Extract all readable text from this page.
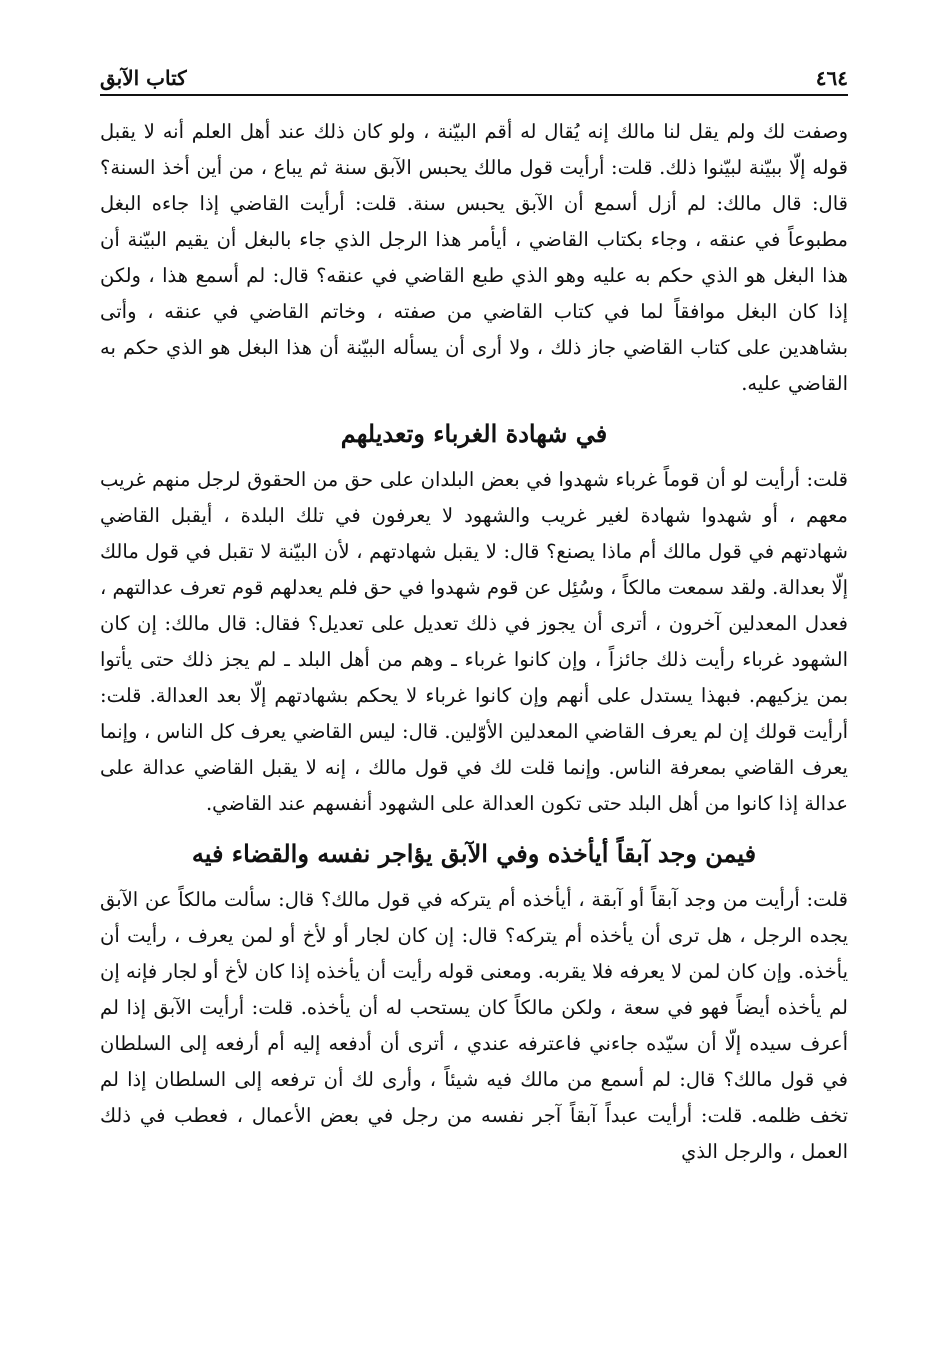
٤٦٤
كتاب الآبق

وصفت لك ولم يقل لنا مالك إنه يُقال له أقم البيّنة ، ولو كان ذلك عند أهل العلم أنه لا يقبل قوله إلّا ببيّنة لبيّنوا ذلك. قلت: أرأيت قول مالك يحبس الآبق سنة ثم يباع ، من أين أخذ السنة؟ قال: قال مالك: لم أزل أسمع أن الآبق يحبس سنة. قلت: أرأيت القاضي إذا جاءه البغل مطبوعاً في عنقه ، وجاء بكتاب القاضي ، أيأمر هذا الرجل الذي جاء بالبغل أن يقيم البيّنة أن هذا البغل هو الذي حكم به عليه وهو الذي طبع القاضي في عنقه؟ قال: لم أسمع هذا ، ولكن إذا كان البغل موافقاً لما في كتاب القاضي من صفته ، وخاتم القاضي في عنقه ، وأتى بشاهدين على كتاب القاضي جاز ذلك ، ولا أرى أن يسأله البيّنة أن هذا البغل هو الذي حكم به القاضي عليه.

في شهادة الغرباء وتعديلهم

قلت: أرأيت لو أن قوماً غرباء شهدوا في بعض البلدان على حق من الحقوق لرجل منهم غريب معهم ، أو شهدوا شهادة لغير غريب والشهود لا يعرفون في تلك البلدة ، أيقبل القاضي شهادتهم في قول مالك أم ماذا يصنع؟ قال: لا يقبل شهادتهم ، لأن البيّنة لا تقبل في قول مالك إلّا بعدالة. ولقد سمعت مالكاً ، وسُئِل عن قوم شهدوا في حق فلم يعدلهم قوم تعرف عدالتهم ، فعدل المعدلين آخرون ، أترى أن يجوز في ذلك تعديل على تعديل؟ فقال: قال مالك: إن كان الشهود غرباء رأيت ذلك جائزاً ، وإن كانوا غرباء ـ وهم من أهل البلد ـ لم يجز ذلك حتى يأتوا بمن يزكيهم. فبهذا يستدل على أنهم وإن كانوا غرباء لا يحكم بشهادتهم إلّا بعد العدالة. قلت: أرأيت قولك إن لم يعرف القاضي المعدلين الأوّلين. قال: ليس القاضي يعرف كل الناس ، وإنما يعرف القاضي بمعرفة الناس. وإنما قلت لك في قول مالك ، إنه لا يقبل القاضي عدالة على عدالة إذا كانوا من أهل البلد حتى تكون العدالة على الشهود أنفسهم عند القاضي.

فيمن وجد آبقاً أيأخذه وفي الآبق يؤاجر نفسه والقضاء فيه

قلت: أرأيت من وجد آبقاً أو آبقة ، أيأخذه أم يتركه في قول مالك؟ قال: سألت مالكاً عن الآبق يجده الرجل ، هل ترى أن يأخذه أم يتركه؟ قال: إن كان لجار أو لأخ أو لمن يعرف ، رأيت أن يأخذه. وإن كان لمن لا يعرفه فلا يقربه. ومعنى قوله رأيت أن يأخذه إذا كان لأخ أو لجار فإنه إن لم يأخذه أيضاً فهو في سعة ، ولكن مالكاً كان يستحب له أن يأخذه. قلت: أرأيت الآبق إذا لم أعرف سيده إلّا أن سيّده جاءني فاعترفه عندي ، أترى أن أدفعه إليه أم أرفعه إلى السلطان في قول مالك؟ قال: لم أسمع من مالك فيه شيئاً ، وأرى لك أن ترفعه إلى السلطان إذا لم تخف ظلمه. قلت: أرأيت عبداً آبقاً آجر نفسه من رجل في بعض الأعمال ، فعطب في ذلك العمل ، والرجل الذي
